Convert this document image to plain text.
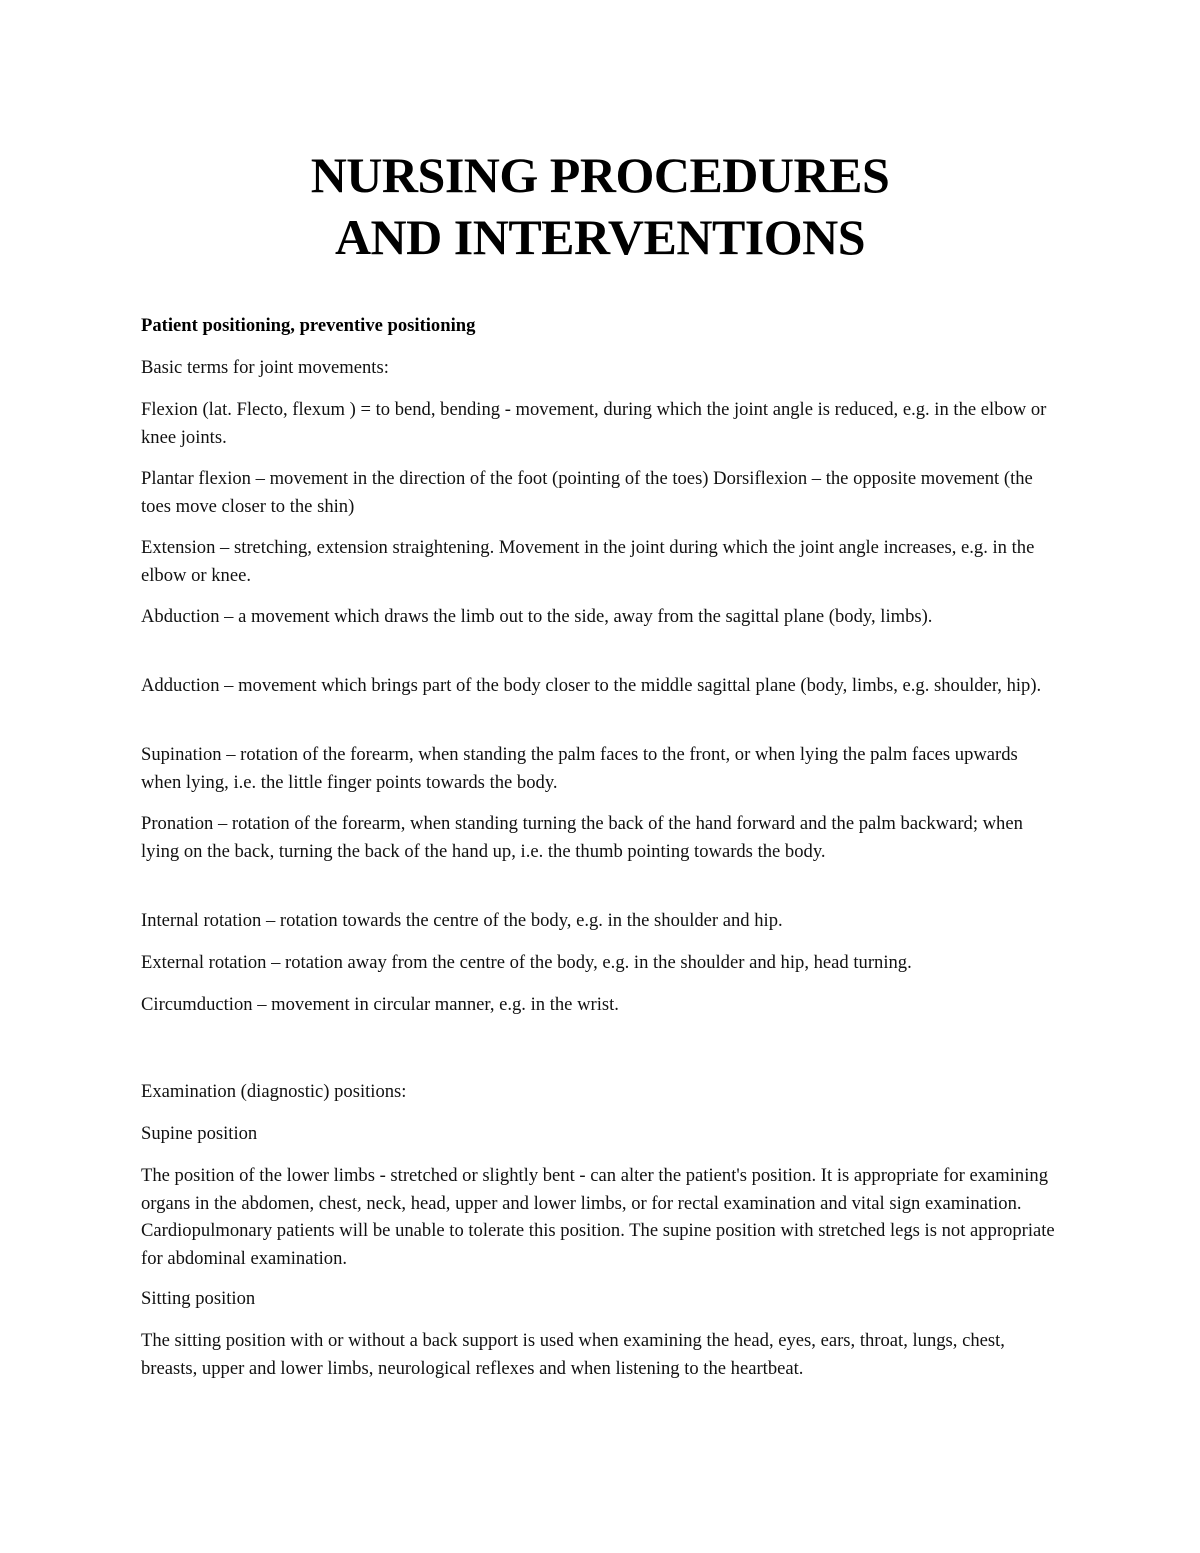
NURSING PROCEDURES
AND INTERVENTIONS

Patient positioning, preventive positioning

Basic terms for joint movements:

Flexion (lat. Flecto, flexum ) = to bend, bending - movement, during which the joint angle is reduced, e.g. in the elbow or knee joints.

Plantar flexion – movement in the direction of the foot (pointing of the toes) Dorsiflexion – the opposite movement (the toes move closer to the shin)

Extension – stretching, extension straightening. Movement in the joint during which the joint angle increases, e.g. in the elbow or knee.

Abduction – a movement which draws the limb out to the side, away from the sagittal plane (body, limbs).

Adduction – movement which brings part of the body closer to the middle sagittal plane (body, limbs, e.g. shoulder, hip).

Supination – rotation of the forearm, when standing the palm faces to the front, or when lying the palm faces upwards when lying, i.e. the little finger points towards the body.

Pronation – rotation of the forearm, when standing turning the back of the hand forward and the palm backward; when lying on the back, turning the back of the hand up, i.e. the thumb pointing towards the body.

Internal rotation – rotation towards the centre of the body, e.g. in the shoulder and hip.

External rotation – rotation away from the centre of the body, e.g. in the shoulder and hip, head turning.

Circumduction – movement in circular manner, e.g. in the wrist.

Examination (diagnostic) positions:

Supine position

The position of the lower limbs - stretched or slightly bent - can alter the patient's position. It is appropriate for examining organs in the abdomen, chest, neck, head, upper and lower limbs, or for rectal examination and vital sign examination. Cardiopulmonary patients will be unable to tolerate this position. The supine position with stretched legs is not appropriate for abdominal examination.

Sitting position

The sitting position with or without a back support is used when examining the head, eyes, ears, throat, lungs, chest, breasts, upper and lower limbs, neurological reflexes and when listening to the heartbeat.
